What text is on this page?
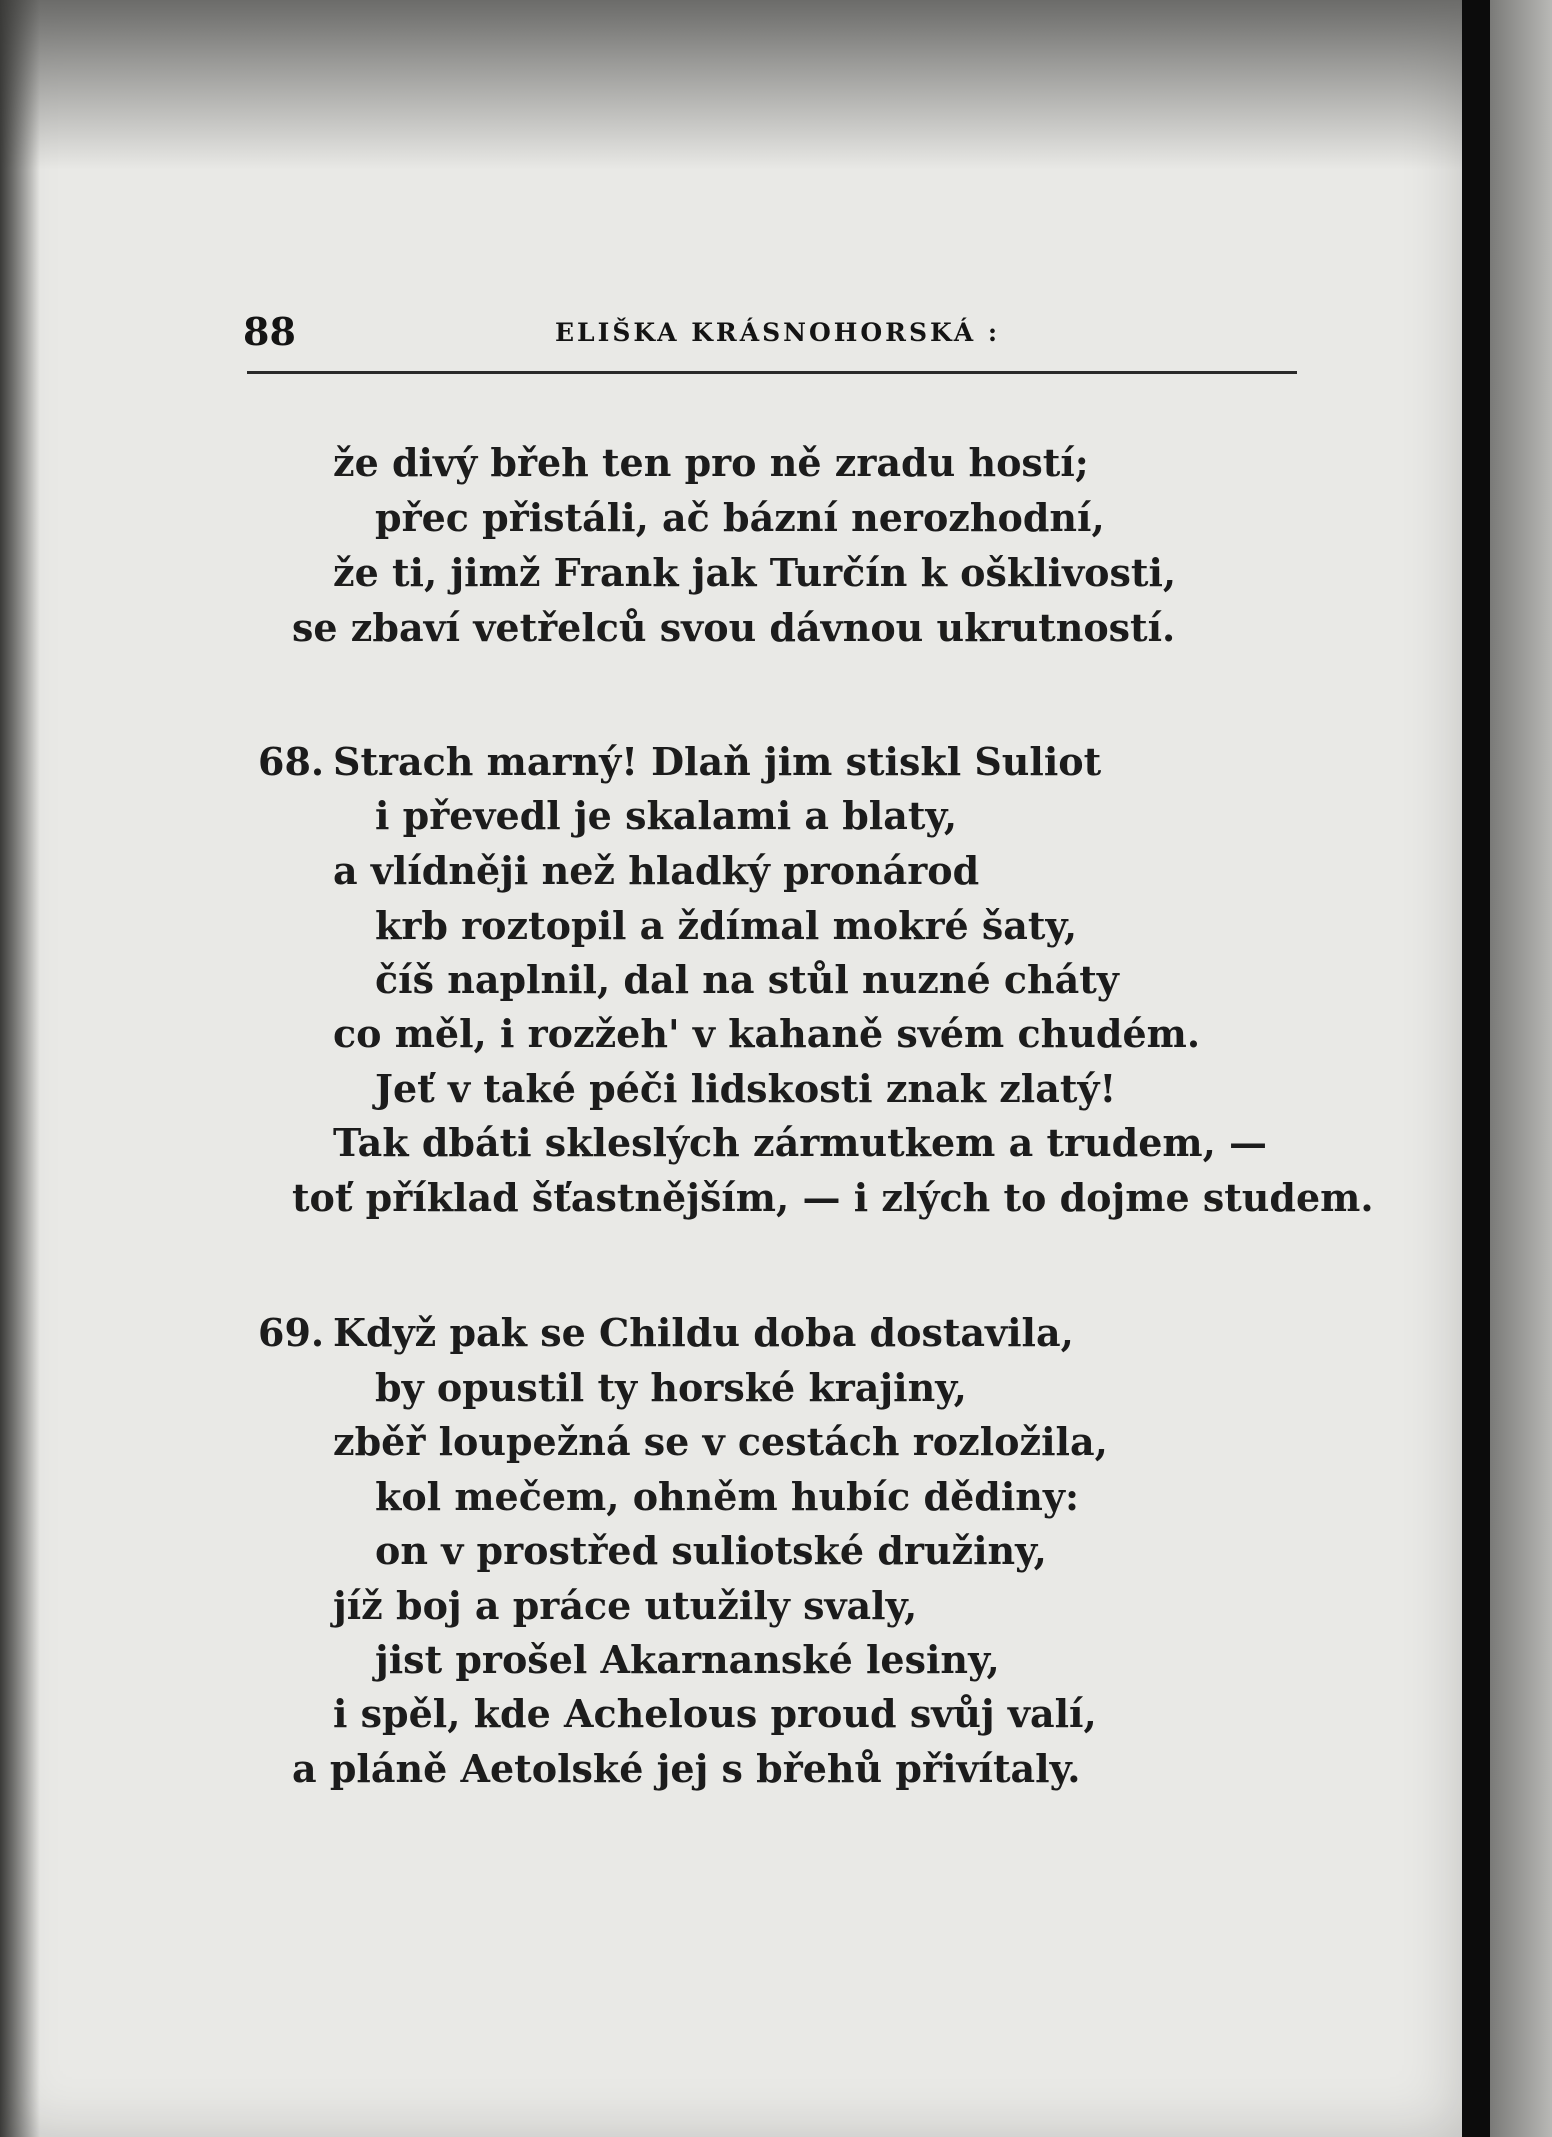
88	ELIŠKA KRÁSNOHORSKÁ :
že divý břeh ten pro ně zradu hostí;
přec přistáli, ač bázní nerozhodní,
že ti, jimž Frank jak Turčín k ošklivosti,
se zbaví vetřelců svou dávnou ukrutností.
68. Strach marný! Dlaň jim stiskl Suliot
i převedl je skalami a blaty,
a vlídněji než hladký pronárod
krb roztopil a ždímal mokré šaty,
číš naplnil, dal na stůl nuzné cháty
co měl, i rozžeh' v kahaně svém chudém.
Jeť v také péči lidskosti znak zlatý!
Tak dbáti skleslých zármutkem a trudem, —
toť příklad šťastnějším, — i zlých to dojme studem.
69. Když pak se Childu doba dostavila,
by opustil ty horské krajiny,
zběř loupežná se v cestách rozložila,
kol mečem, ohněm hubíc dědiny:
on v prostřed suliotské družiny,
jíž boj a práce utužily svaly,
jist prošel Akarnanské lesiny,
i spěl, kde Achelous proud svůj valí,
a pláně Aetolské jej s břehů přivítaly.
